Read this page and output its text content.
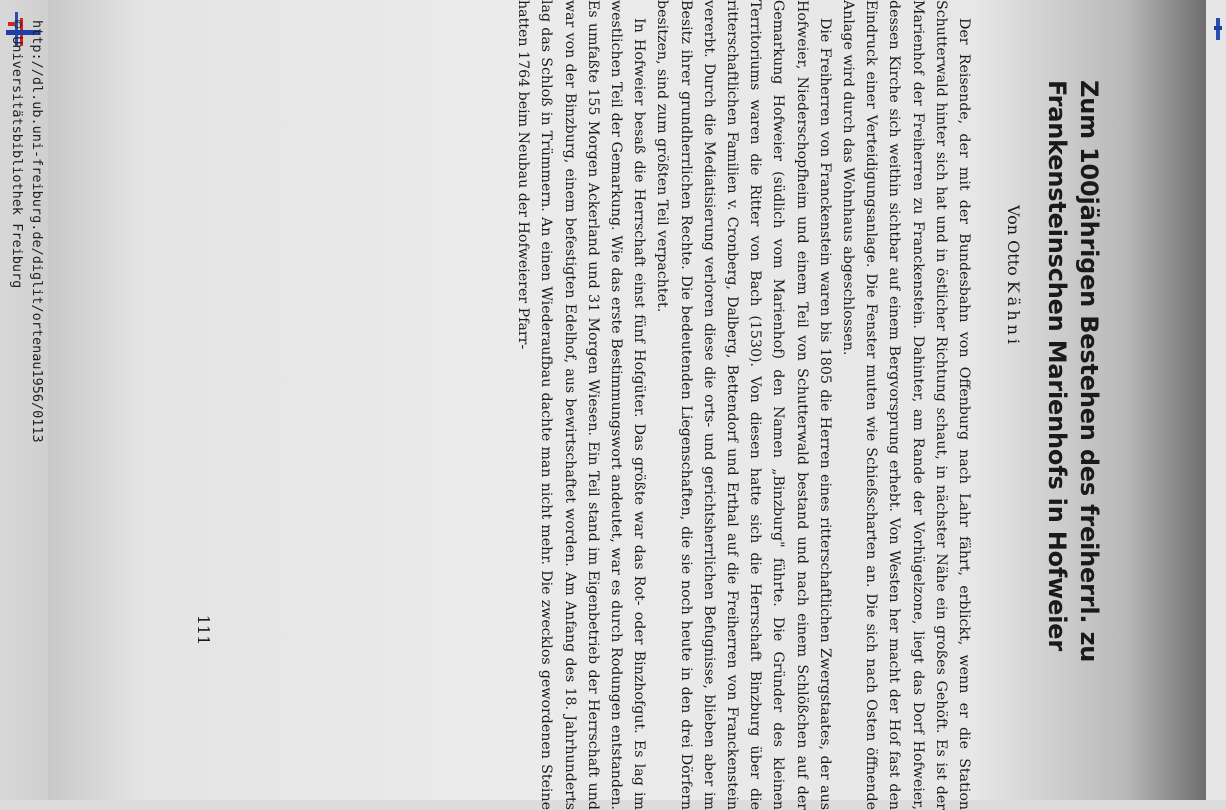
http://dl.ub.uni-freiburg.de/diglit/ortenau1956/0113
© Universitätsbibliothek Freiburg	Zum 100jährigen Bestehen des freiherrl. zu
Frankensteinschen Marienhofs in Hofweier
Von Otto Kähni

Der Reisende, der mit der Bundesbahn von Offenburg nach Lahr fährt, erblickt, wenn er die Station Schutterwald hinter sich hat und in östlicher Richtung schaut, in nächster Nähe ein großes Gehöft. Es ist der Marienhof der Freiherren zu Franckenstein. Dahinter, am Rande der Vorhügelzone, liegt das Dorf Hofweier, dessen Kirche sich weithin sichtbar auf einem Bergvorsprung erhebt. Von Westen her macht der Hof fast den Eindruck einer Verteidigungsanlage. Die Fenster muten wie Schießscharten an. Die sich nach Osten öffnende Anlage wird durch das Wohnhaus abgeschlossen.

Die Freiherren von Franckenstein waren bis 1805 die Herren eines ritterschaftlichen Zwergstaates, der aus Hofweier, Niederschopfheim und einem Teil von Schutterwald bestand und nach einem Schlößchen auf der Gemarkung Hofweier (südlich vom Marienhof) den Namen „Binzburg" führte. Die Gründer des kleinen Territoriums waren die Ritter von Bach (1530). Von diesen hatte sich die Herrschaft Binzburg über die ritterschaftlichen Familien v. Cronberg, Dalberg, Bettendorf und Erthal auf die Freiherren von Franckenstein vererbt. Durch die Mediatisierung verloren diese die orts- und gerichtsherrlichen Befugnisse, blieben aber im Besitz ihrer grundherrlichen Rechte. Die bedeutenden Liegenschaften, die sie noch heute in den drei Dörfern besitzen, sind zum größten Teil verpachtet.

In Hofweier besaß die Herrschaft einst fünf Hofgüter. Das größte war das Rot- oder Binzhofgut. Es lag im westlichen Teil der Gemarkung. Wie das erste Bestimmungswort andeutet, war es durch Rodungen entstanden. Es umfaßte 155 Morgen Ackerland und 31 Morgen Wiesen. Ein Teil stand im Eigenbetrieb der Herrschaft und war von der Binzburg, einem befestigten Edelhof, aus bewirtschaftet worden. Am Anfang des 18. Jahrhunderts lag das Schloß in Trümmern. An einen Wiederaufbau dachte man nicht mehr. Die zwecklos gewordenen Steine hatten 1764 beim Neubau der Hofweierer Pfarr-

111
